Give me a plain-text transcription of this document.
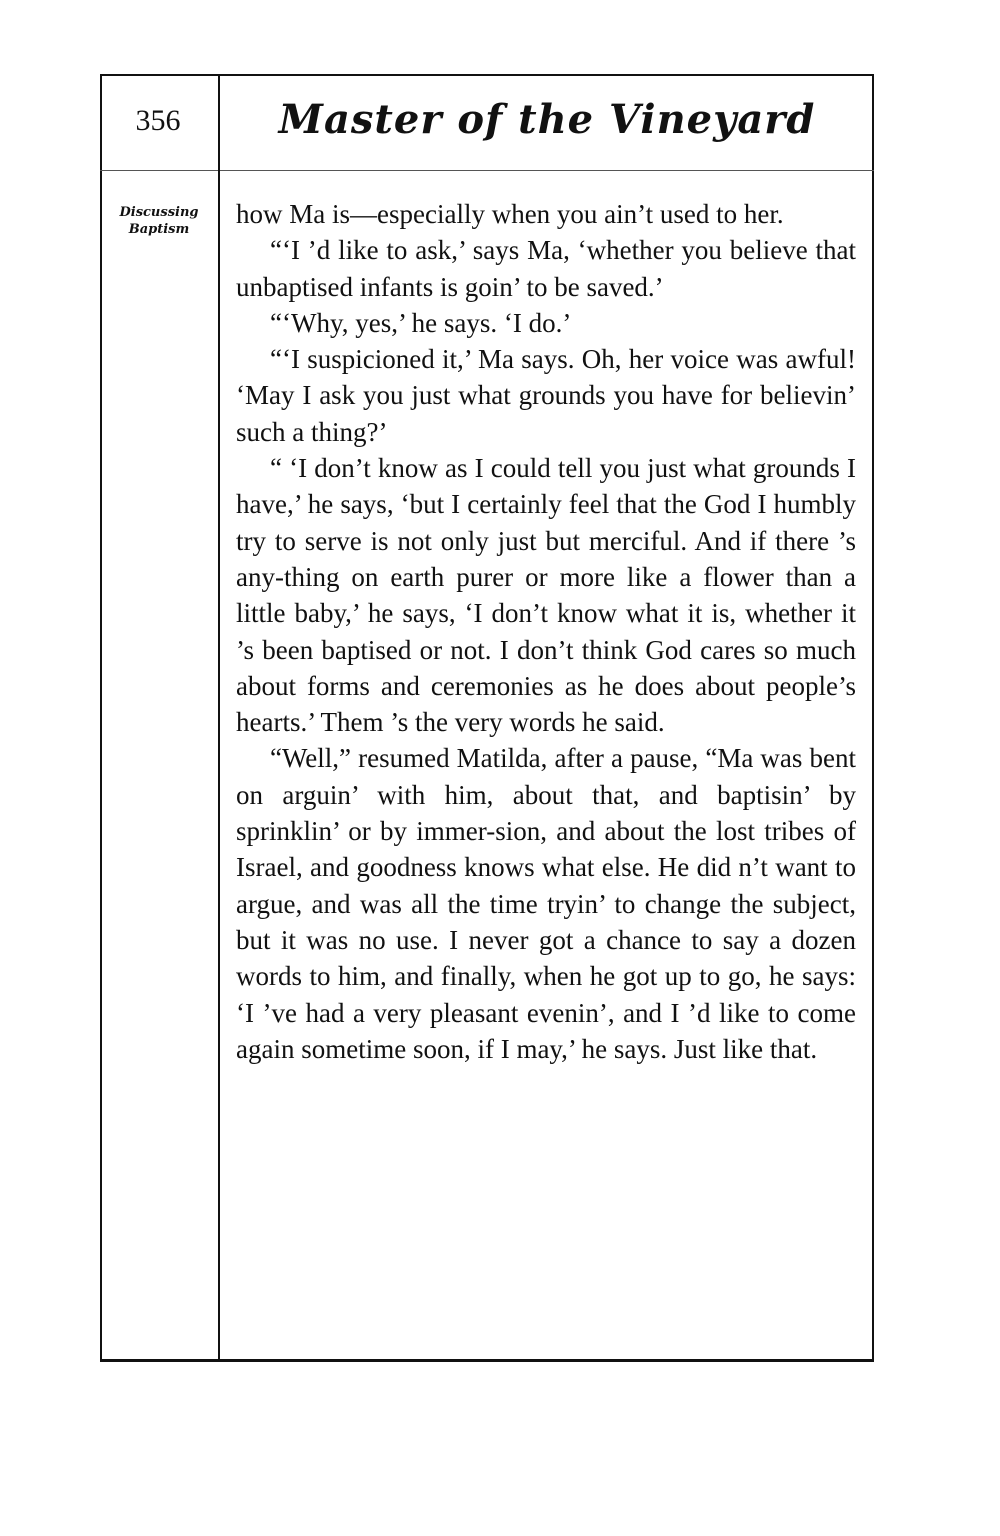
356	Master of the Vineyard
Discussing
Baptism

how Ma is—especially when you ain’t used to her.

“‘I ’d like to ask,’ says Ma, ‘whether you believe that unbaptised infants is goin’ to be saved.’

“‘Why, yes,’ he says. ‘I do.’

“‘I suspicioned it,’ Ma says. Oh, her voice was awful! ‘May I ask you just what grounds you have for believin’ such a thing?’

“ ‘I don’t know as I could tell you just what grounds I have,’ he says, ‘but I certainly feel that the God I humbly try to serve is not only just but merciful. And if there ’s any-thing on earth purer or more like a flower than a little baby,’ he says, ‘I don’t know what it is, whether it ’s been baptised or not. I don’t think God cares so much about forms and ceremonies as he does about people’s hearts.’ Them ’s the very words he said.

“Well,” resumed Matilda, after a pause, “Ma was bent on arguin’ with him, about that, and baptisin’ by sprinklin’ or by immer-sion, and about the lost tribes of Israel, and goodness knows what else. He did n’t want to argue, and was all the time tryin’ to change the subject, but it was no use. I never got a chance to say a dozen words to him, and finally, when he got up to go, he says: ‘I ’ve had a very pleasant evenin’, and I ’d like to come again sometime soon, if I may,’ he says. Just like that.
